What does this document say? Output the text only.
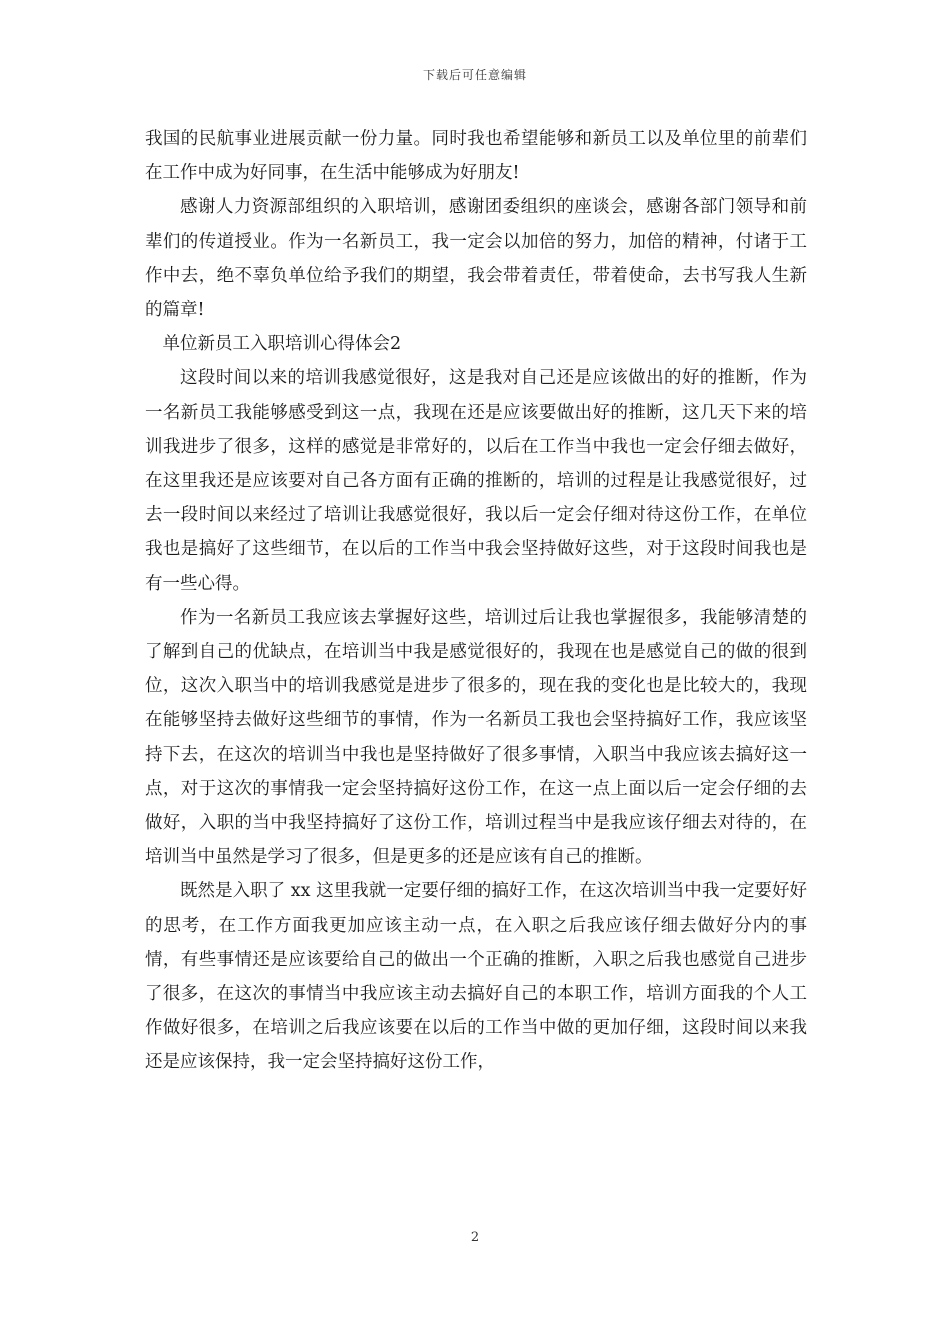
下载后可任意编辑

我国的民航事业进展贡献一份力量。同时我也希望能够和新员工以及单位里的前辈们在工作中成为好同事，在生活中能够成为好朋友!

感谢人力资源部组织的入职培训，感谢团委组织的座谈会，感谢各部门领导和前辈们的传道授业。作为一名新员工，我一定会以加倍的努力，加倍的精神，付诸于工作中去，绝不辜负单位给予我们的期望，我会带着责任，带着使命，去书写我人生新的篇章!

单位新员工入职培训心得体会2

这段时间以来的培训我感觉很好，这是我对自己还是应该做出的好的推断，作为一名新员工我能够感受到这一点，我现在还是应该要做出好的推断，这几天下来的培训我进步了很多，这样的感觉是非常好的，以后在工作当中我也一定会仔细去做好，在这里我还是应该要对自己各方面有正确的推断的，培训的过程是让我感觉很好，过去一段时间以来经过了培训让我感觉很好，我以后一定会仔细对待这份工作，在单位我也是搞好了这些细节，在以后的工作当中我会坚持做好这些，对于这段时间我也是有一些心得。

作为一名新员工我应该去掌握好这些，培训过后让我也掌握很多，我能够清楚的了解到自己的优缺点，在培训当中我是感觉很好的，我现在也是感觉自己的做的很到位，这次入职当中的培训我感觉是进步了很多的，现在我的变化也是比较大的，我现在能够坚持去做好这些细节的事情，作为一名新员工我也会坚持搞好工作，我应该坚持下去，在这次的培训当中我也是坚持做好了很多事情，入职当中我应该去搞好这一点，对于这次的事情我一定会坚持搞好这份工作，在这一点上面以后一定会仔细的去做好，入职的当中我坚持搞好了这份工作，培训过程当中是我应该仔细去对待的，在培训当中虽然是学习了很多，但是更多的还是应该有自己的推断。

既然是入职了 xx 这里我就一定要仔细的搞好工作，在这次培训当中我一定要好好的思考，在工作方面我更加应该主动一点，在入职之后我应该仔细去做好分内的事情，有些事情还是应该要给自己的做出一个正确的推断，入职之后我也感觉自己进步了很多，在这次的事情当中我应该主动去搞好自己的本职工作，培训方面我的个人工作做好很多，在培训之后我应该要在以后的工作当中做的更加仔细，这段时间以来我还是应该保持，我一定会坚持搞好这份工作，

2
